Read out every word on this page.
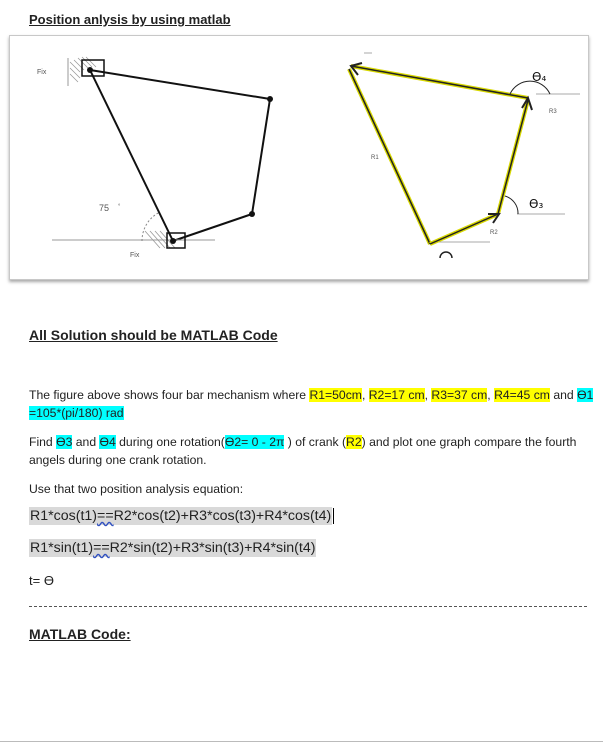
Position anlysis by using matlab
Fix
Fix
75 °
ϴ₄
R3
R1
ϴ₃
R2
All Solution should be MATLAB Code
The figure above shows four bar mechanism where R1=50cm, R2=17 cm, R3=37 cm, R4=45 cm and ϴ1 =105*(pi/180) rad
Find ϴ3 and ϴ4 during one rotation(ϴ2= 0 - 2π ) of crank (R2) and plot one graph compare the fourth angels during one crank rotation.
Use that two position analysis equation:
R1*cos(t1)==R2*cos(t2)+R3*cos(t3)+R4*cos(t4)
R1*sin(t1)==R2*sin(t2)+R3*sin(t3)+R4*sin(t4)
t= ϴ
MATLAB Code:
